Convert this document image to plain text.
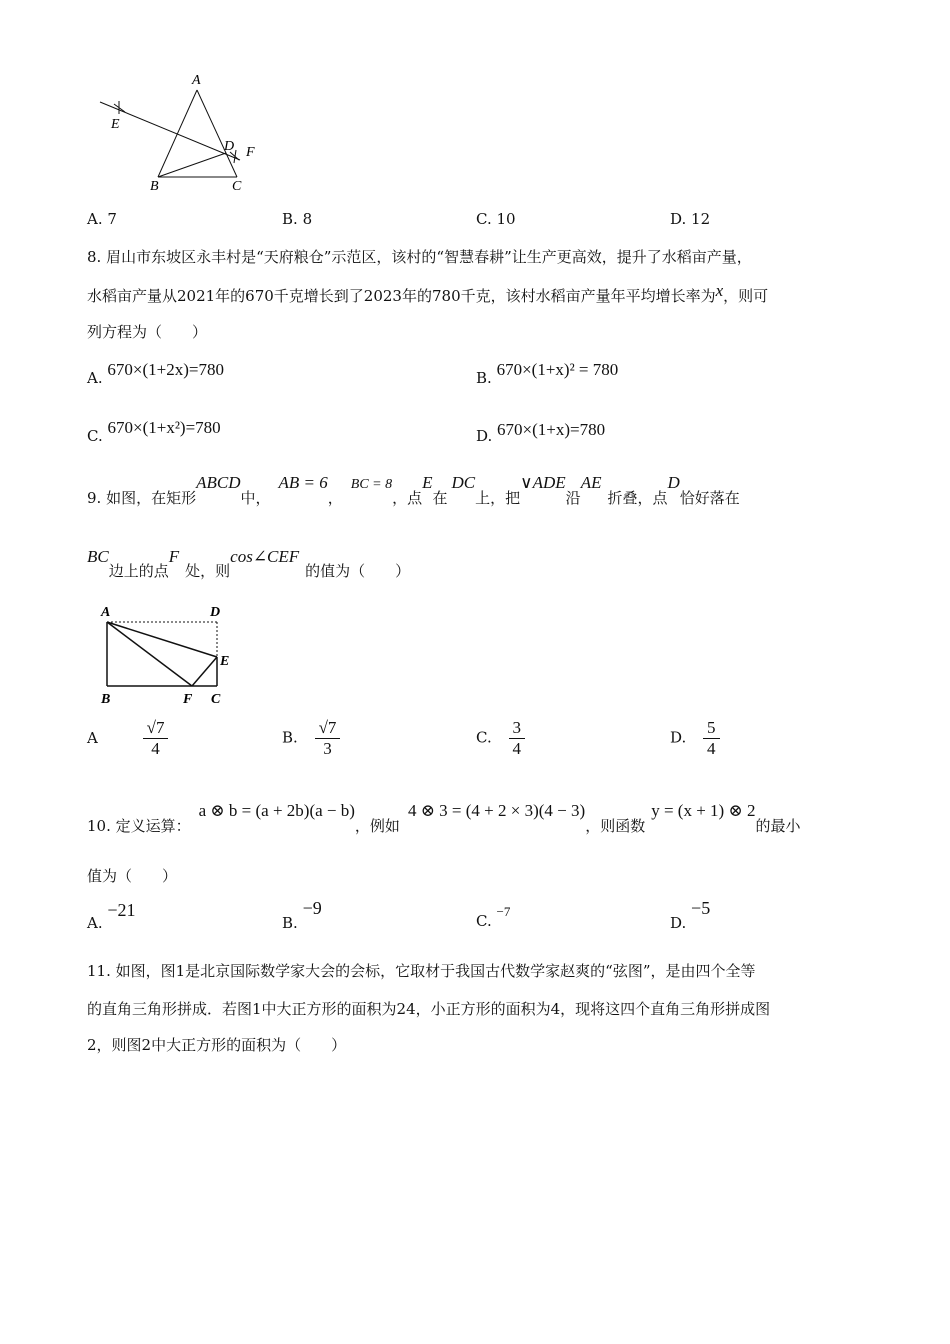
A
E
D F
B	C
A. 7	B. 8	C. 10	D. 12
8. 眉山市东坡区永丰村是“天府粮仓”示范区，该村的“智慧春耕”让生产更高效，提升了水稻亩产量，
水稻亩产量从2021年的670千克增长到了2023年的780千克，该村水稻亩产量年平均增长率为x，则可
列方程为（　　）
A. 670×(1+2x)=780	B. 670×(1+x)² = 780
C. 670×(1+x²)=780	D. 670×(1+x)=780
9. 如图，在矩形ABCD中，AB = 6，BC = 8，点E在DC上，把∨ADE沿AE折叠，点D恰好落在
BC边上的点F处，则cos∠CEF的值为（　　）
A	D
E
B	F C
A	$\frac{√7}{4}$	B. $\frac{√7}{3}$	C. $\frac{3}{4}$	D. $\frac{5}{4}$
10. 定义运算：a ⊗ b = (a + 2b)(a − b)，例如4 ⊗ 3 = (4 + 2 × 3)(4 − 3)，则函数y = (x + 1) ⊗ 2的最小
值为（　　）
A. −21
B. −9
C. −7
D. −5
11. 如图，图1是北京国际数学家大会的会标，它取材于我国古代数学家赵爽的“弦图”，是由四个全等
的直角三角形拼成．若图1中大正方形的面积为24，小正方形的面积为4，现将这四个直角三角形拼成图
2，则图2中大正方形的面积为（　　）
